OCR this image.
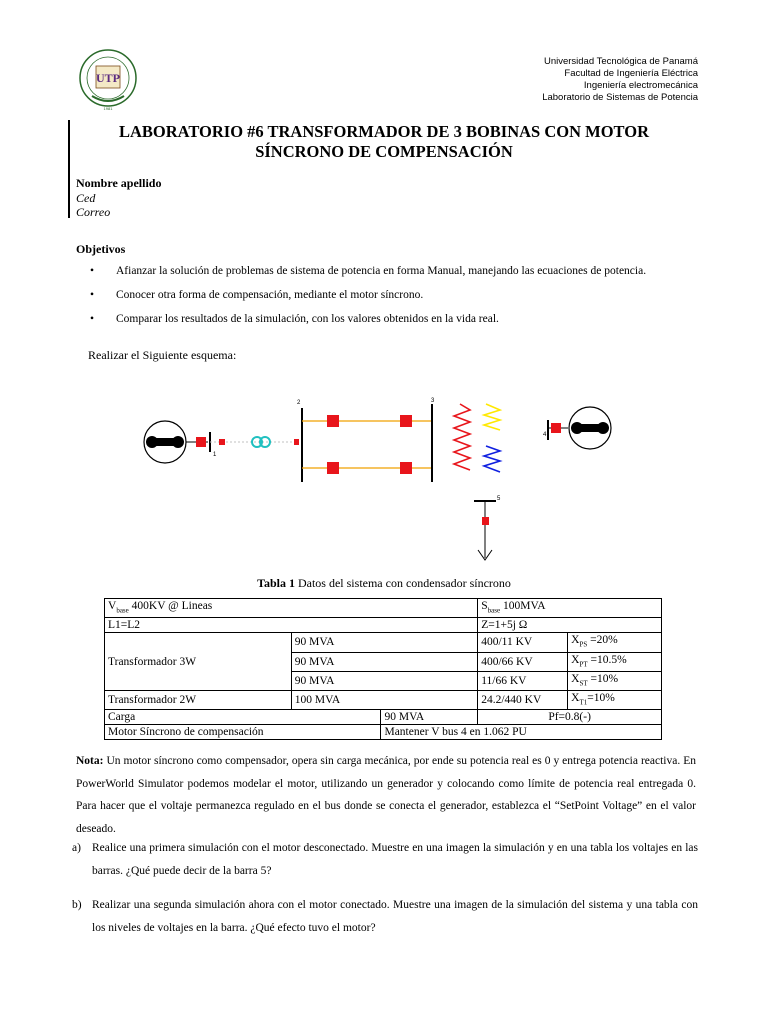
Universidad Tecnológica de Panamá
Facultad de Ingeniería Eléctrica
Ingeniería electromecánica
Laboratorio de Sistemas de Potencia
UTP
1981
LABORATORIO #6 TRANSFORMADOR DE 3 BOBINAS CON MOTOR
SÍNCRONO DE COMPENSACIÓN
Nombre apellido
Ced
Correo
Objetivos
• Afianzar la solución de problemas de sistema de potencia en forma Manual, manejando las ecuaciones de potencia.
• Conocer otra forma de compensación, mediante el motor síncrono.
• Comparar los resultados de la simulación, con los valores obtenidos en la vida real.
Realizar el Siguiente esquema:
1
2	3
4
5
Tabla 1 Datos del sistema con condensador síncrono
$V_{base}$ 400KV @ Lineas			$S_{base}$ 100MVA	
L1=L2			Z=1+5j Ω	
Transformador 3W	90 MVA		400/11 KV	$X_{PS} =20\%$
	90 MVA		400/66 KV	$X_{PT} =10.5\%$
	90 MVA		11/66 KV	$X_{ST} =10\%$
Transformador 2W	100 MVA		24.2/440 KV	$X_{T1}=10\%$
Carga		90 MVA	Pf=0.8(-)	
Motor Síncrono de compensación		Mantener V bus 4 en 1.062 PU		
Nota: Un motor síncrono como compensador, opera sin carga mecánica, por ende su potencia real es 0 y entrega potencia reactiva. En PowerWorld Simulator podemos modelar el motor, utilizando un generador y colocando como límite de potencia real entregada 0. Para hacer que el voltaje permanezca regulado en el bus donde se conecta el generador, establezca el “SetPoint Voltage” en el valor deseado.
a) Realice una primera simulación con el motor desconectado. Muestre en una imagen la simulación y en una tabla los voltajes en las barras. ¿Qué puede decir de la barra 5?
b) Realizar una segunda simulación ahora con el motor conectado. Muestre una imagen de la simulación del sistema y una tabla con los niveles de voltajes en la barra. ¿Qué efecto tuvo el motor?
